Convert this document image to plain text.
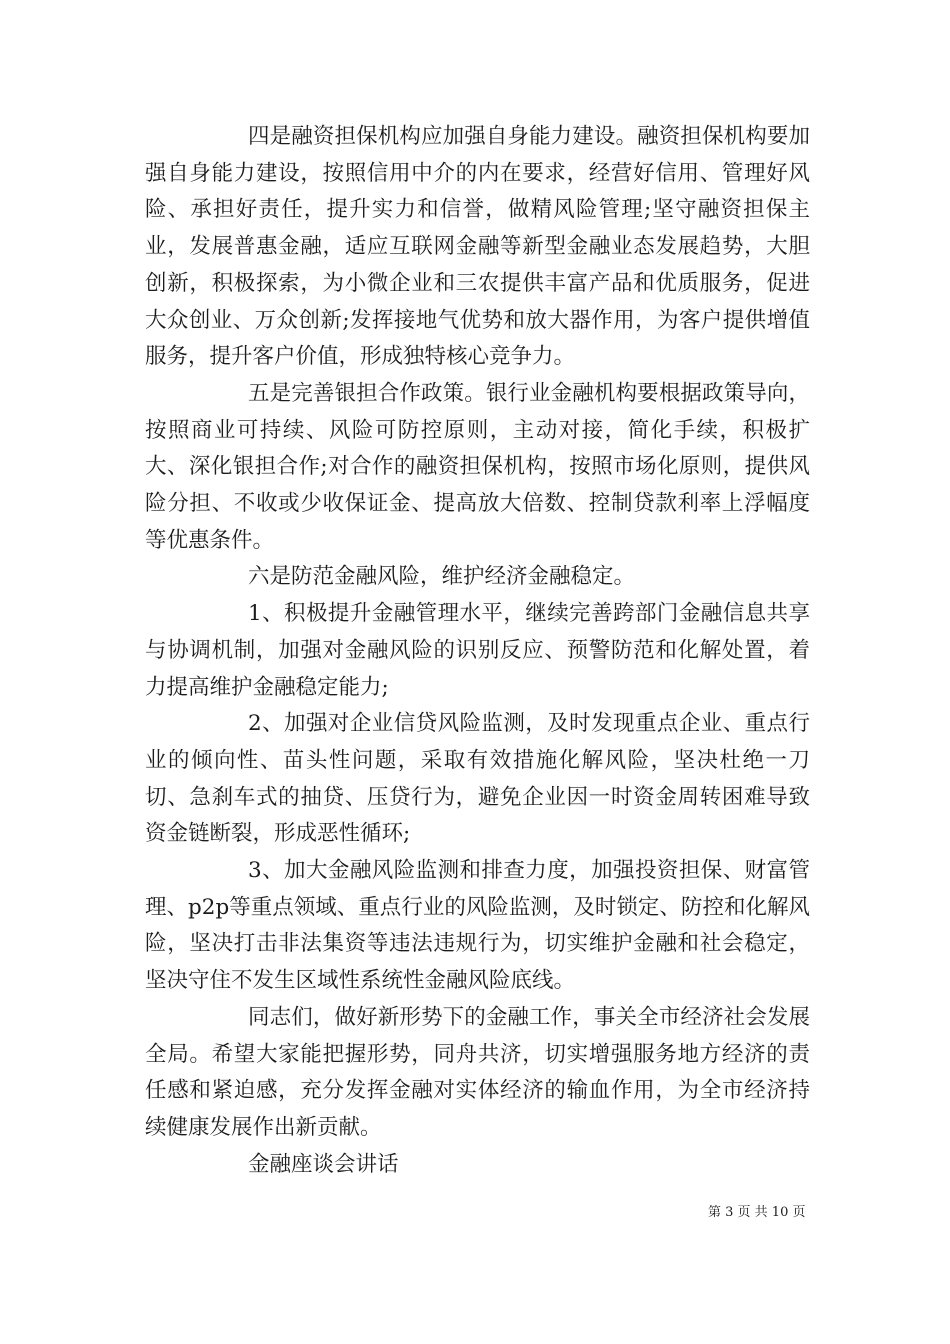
四是融资担保机构应加强自身能力建设。融资担保机构要加强自身能力建设，按照信用中介的内在要求，经营好信用、管理好风险、承担好责任，提升实力和信誉，做精风险管理;坚守融资担保主业，发展普惠金融，适应互联网金融等新型金融业态发展趋势，大胆创新，积极探索，为小微企业和三农提供丰富产品和优质服务，促进大众创业、万众创新;发挥接地气优势和放大器作用，为客户提供增值服务，提升客户价值，形成独特核心竞争力。

五是完善银担合作政策。银行业金融机构要根据政策导向，按照商业可持续、风险可防控原则，主动对接，简化手续，积极扩大、深化银担合作;对合作的融资担保机构，按照市场化原则，提供风险分担、不收或少收保证金、提高放大倍数、控制贷款利率上浮幅度等优惠条件。

六是防范金融风险，维护经济金融稳定。

1、积极提升金融管理水平，继续完善跨部门金融信息共享与协调机制，加强对金融风险的识别反应、预警防范和化解处置，着力提高维护金融稳定能力;

2、加强对企业信贷风险监测，及时发现重点企业、重点行业的倾向性、苗头性问题，采取有效措施化解风险，坚决杜绝一刀切、急刹车式的抽贷、压贷行为，避免企业因一时资金周转困难导致资金链断裂，形成恶性循环;

3、加大金融风险监测和排查力度，加强投资担保、财富管理、p2p等重点领域、重点行业的风险监测，及时锁定、防控和化解风险，坚决打击非法集资等违法违规行为，切实维护金融和社会稳定，坚决守住不发生区域性系统性金融风险底线。

同志们，做好新形势下的金融工作，事关全市经济社会发展全局。希望大家能把握形势，同舟共济，切实增强服务地方经济的责任感和紧迫感，充分发挥金融对实体经济的输血作用，为全市经济持续健康发展作出新贡献。

金融座谈会讲话

第 3 页 共 10 页
